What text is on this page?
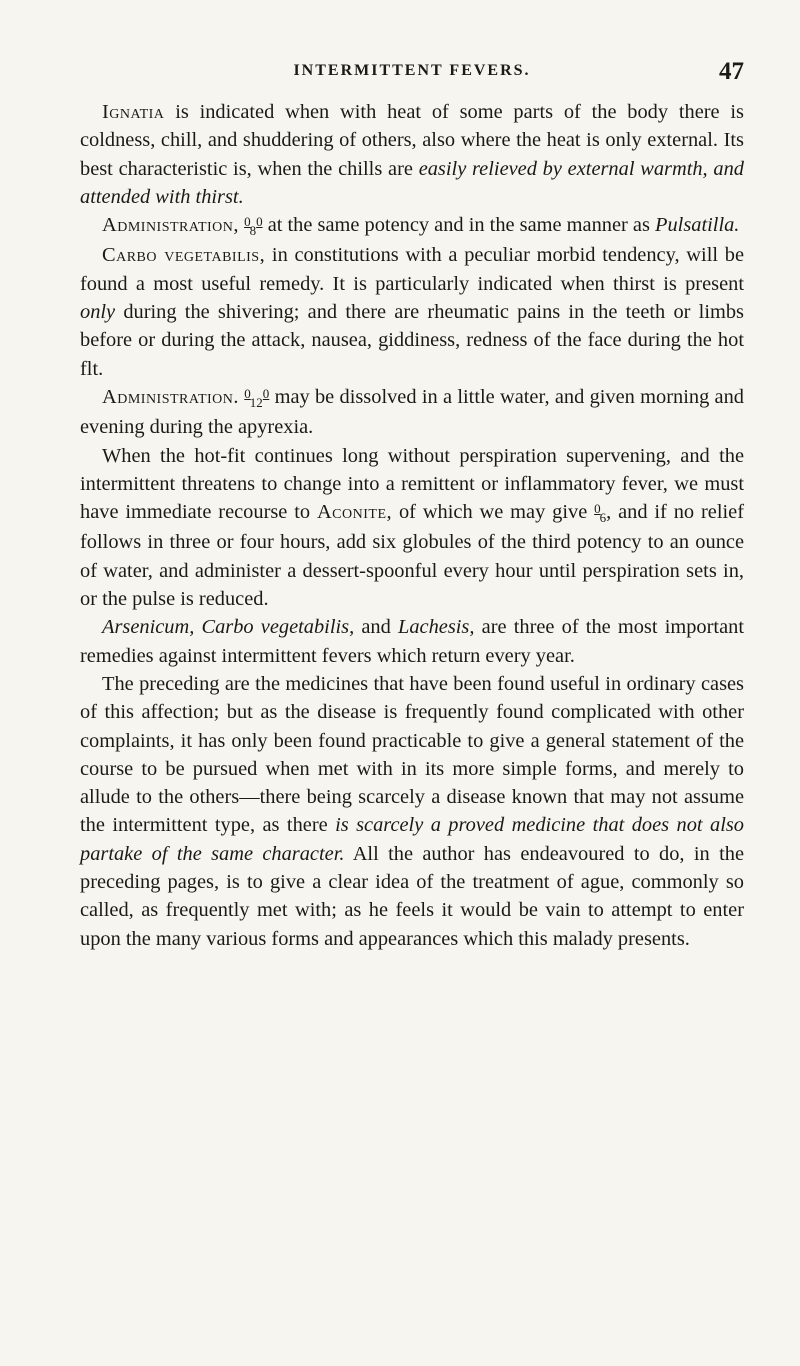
INTERMITTENT FEVERS.	47

Ignatia is indicated when with heat of some parts of the body there is coldness, chill, and shuddering of others, also where the heat is only external. Its best characteristic is, when the chills are easily relieved by external warmth, and attended with thirst.

Administration, $^{080}$ at the same potency and in the same manner as Pulsatilla.

Carbo vegetabilis, in constitutions with a peculiar morbid tendency, will be found a most useful remedy. It is particularly indicated when thirst is present only during the shivering; and there are rheumatic pains in the teeth or limbs before or during the attack, nausea, giddiness, redness of the face during the hot flt.

Administration. $^{0120}$ may be dissolved in a little water, and given morning and evening during the apyrexia.

When the hot-fit continues long without perspiration supervening, and the intermittent threatens to change into a remittent or inflammatory fever, we must have immediate recourse to Aconite, of which we may give $^{06}$, and if no relief follows in three or four hours, add six globules of the third potency to an ounce of water, and administer a dessert-spoonful every hour until perspiration sets in, or the pulse is reduced.

Arsenicum, Carbo vegetabilis, and Lachesis, are three of the most important remedies against intermittent fevers which return every year.

The preceding are the medicines that have been found useful in ordinary cases of this affection; but as the disease is frequently found complicated with other complaints, it has only been found practicable to give a general statement of the course to be pursued when met with in its more simple forms, and merely to allude to the others—there being scarcely a disease known that may not assume the intermittent type, as there is scarcely a proved medicine that does not also partake of the same character. All the author has endeavoured to do, in the preceding pages, is to give a clear idea of the treatment of ague, commonly so called, as frequently met with; as he feels it would be vain to attempt to enter upon the many various forms and appearances which this malady presents.
